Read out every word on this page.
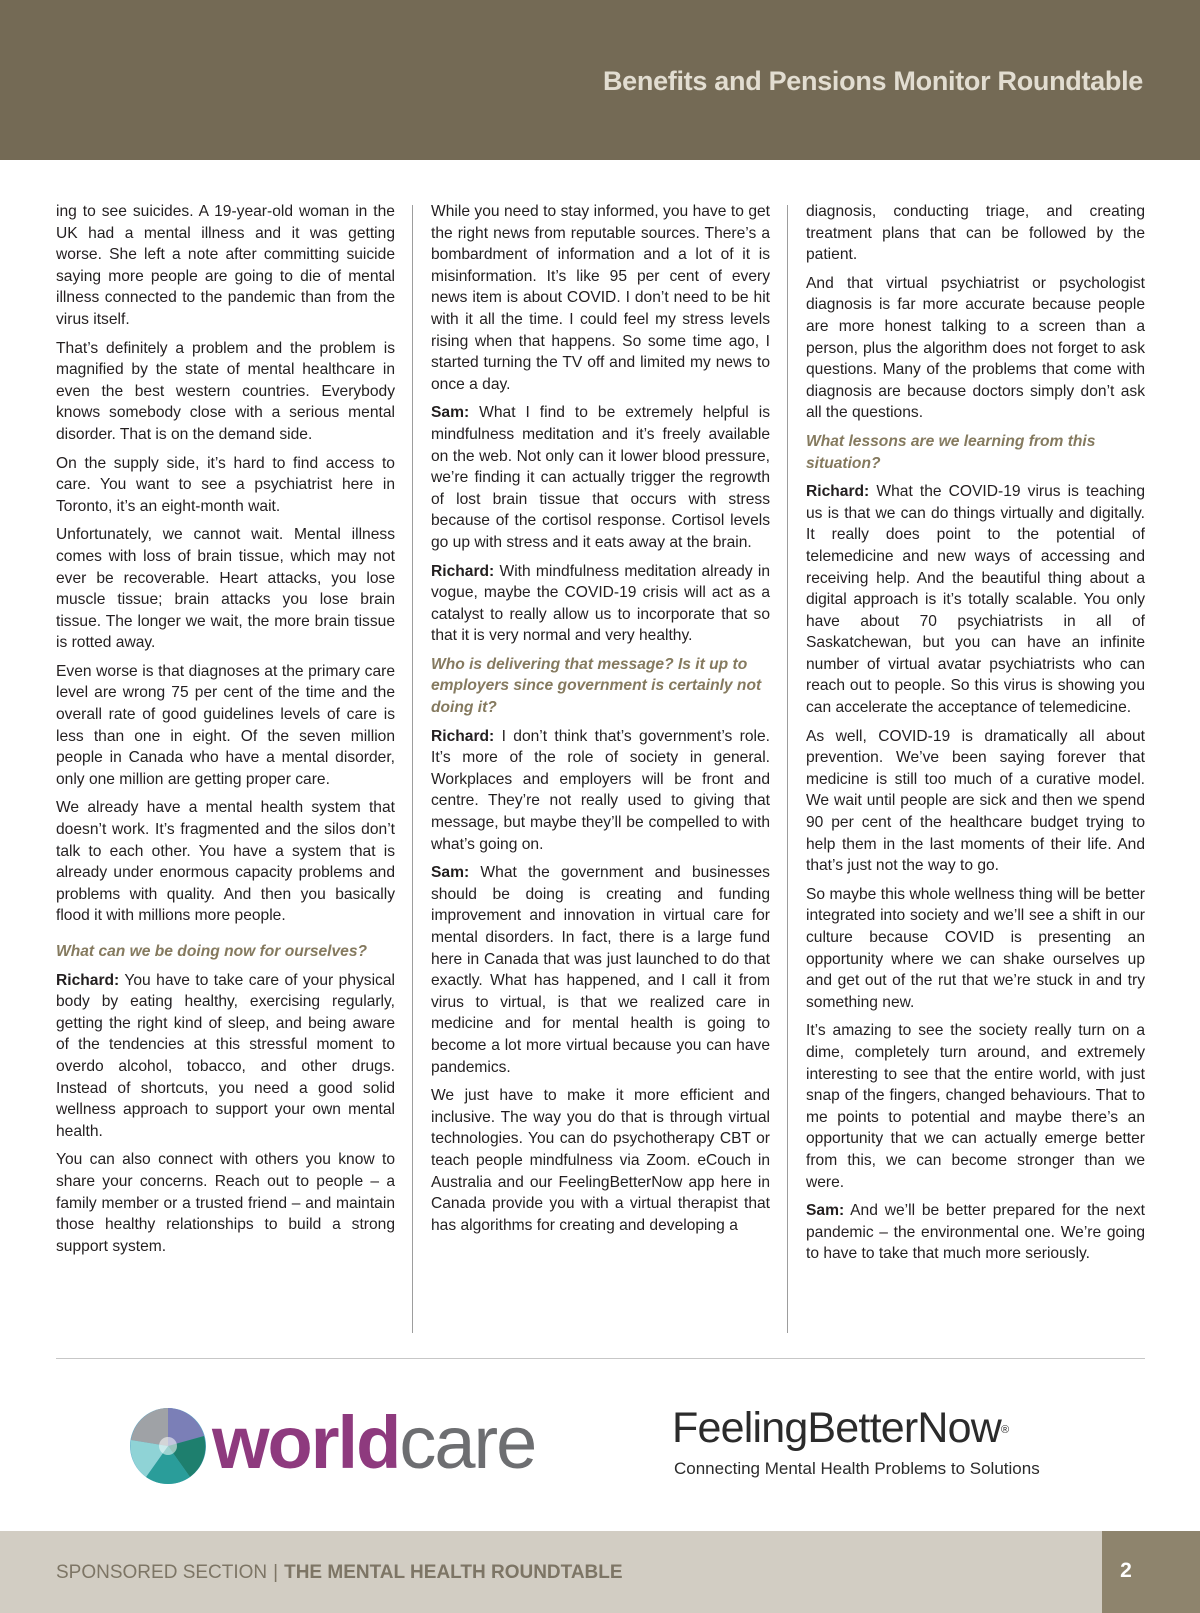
Benefits and Pensions Monitor Roundtable

ing to see suicides. A 19-year-old woman in the UK had a mental illness and it was getting worse. She left a note after committing suicide saying more people are going to die of mental illness connected to the pandemic than from the virus itself.

That’s definitely a problem and the problem is magnified by the state of mental healthcare in even the best western countries. Everybody knows somebody close with a serious mental disorder. That is on the demand side.

On the supply side, it’s hard to find access to care. You want to see a psychiatrist here in Toronto, it’s an eight-month wait.

Unfortunately, we cannot wait. Mental illness comes with loss of brain tissue, which may not ever be recoverable. Heart attacks, you lose muscle tissue; brain attacks you lose brain tissue. The longer we wait, the more brain tissue is rotted away.

Even worse is that diagnoses at the primary care level are wrong 75 per cent of the time and the overall rate of good guidelines levels of care is less than one in eight. Of the seven million people in Canada who have a mental disorder, only one million are getting proper care.

We already have a mental health system that doesn’t work. It’s fragmented and the silos don’t talk to each other. You have a system that is already under enormous capacity problems and problems with quality. And then you basically flood it with millions more people.

What can we be doing now for ourselves?

Richard: You have to take care of your physical body by eating healthy, exercising regularly, getting the right kind of sleep, and being aware of the tendencies at this stressful moment to overdo alcohol, tobacco, and other drugs. Instead of shortcuts, you need a good solid wellness approach to support your own mental health.

You can also connect with others you know to share your concerns. Reach out to people – a family member or a trusted friend – and maintain those healthy relationships to build a strong support system.

While you need to stay informed, you have to get the right news from reputable sources. There’s a bombardment of information and a lot of it is misinformation. It’s like 95 per cent of every news item is about COVID. I don’t need to be hit with it all the time. I could feel my stress levels rising when that happens. So some time ago, I started turning the TV off and limited my news to once a day.

Sam: What I find to be extremely helpful is mindfulness meditation and it’s freely available on the web. Not only can it lower blood pressure, we’re finding it can actually trigger the regrowth of lost brain tissue that occurs with stress because of the cortisol response. Cortisol levels go up with stress and it eats away at the brain.

Richard: With mindfulness meditation already in vogue, maybe the COVID-19 crisis will act as a catalyst to really allow us to incorporate that so that it is very normal and very healthy.

Who is delivering that message? Is it up to employers since government is certainly not doing it?

Richard: I don’t think that’s government’s role. It’s more of the role of society in general. Workplaces and employers will be front and centre. They’re not really used to giving that message, but maybe they’ll be compelled to with what’s going on.

Sam: What the government and businesses should be doing is creating and funding improvement and innovation in virtual care for mental disorders. In fact, there is a large fund here in Canada that was just launched to do that exactly. What has happened, and I call it from virus to virtual, is that we realized care in medicine and for mental health is going to become a lot more virtual because you can have pandemics.

We just have to make it more efficient and inclusive. The way you do that is through virtual technologies. You can do psychotherapy CBT or teach people mindfulness via Zoom. eCouch in Australia and our FeelingBetterNow app here in Canada provide you with a virtual therapist that has algorithms for creating and developing a

diagnosis, conducting triage, and creating treatment plans that can be followed by the patient.

And that virtual psychiatrist or psychologist diagnosis is far more accurate because people are more honest talking to a screen than a person, plus the algorithm does not forget to ask questions. Many of the problems that come with diagnosis are because doctors simply don’t ask all the questions.

What lessons are we learning from this situation?

Richard: What the COVID-19 virus is teaching us is that we can do things virtually and digitally. It really does point to the potential of telemedicine and new ways of accessing and receiving help. And the beautiful thing about a digital approach is it’s totally scalable. You only have about 70 psychiatrists in all of Saskatchewan, but you can have an infinite number of virtual avatar psychiatrists who can reach out to people. So this virus is showing you can accelerate the acceptance of telemedicine.

As well, COVID-19 is dramatically all about prevention. We’ve been saying forever that medicine is still too much of a curative model. We wait until people are sick and then we spend 90 per cent of the healthcare budget trying to help them in the last moments of their life. And that’s just not the way to go.

So maybe this whole wellness thing will be better integrated into society and we’ll see a shift in our culture because COVID is presenting an opportunity where we can shake ourselves up and get out of the rut that we’re stuck in and try something new.

It’s amazing to see the society really turn on a dime, completely turn around, and extremely interesting to see that the entire world, with just snap of the fingers, changed behaviours. That to me points to potential and maybe there’s an opportunity that we can actually emerge better from this, we can become stronger than we were.

Sam: And we’ll be better prepared for the next pandemic – the environmental one. We’re going to have to take that much more seriously.

worldcare	FeelingBetterNow®
Connecting Mental Health Problems to Solutions
SPONSORED SECTION | THE MENTAL HEALTH ROUNDTABLE	2
